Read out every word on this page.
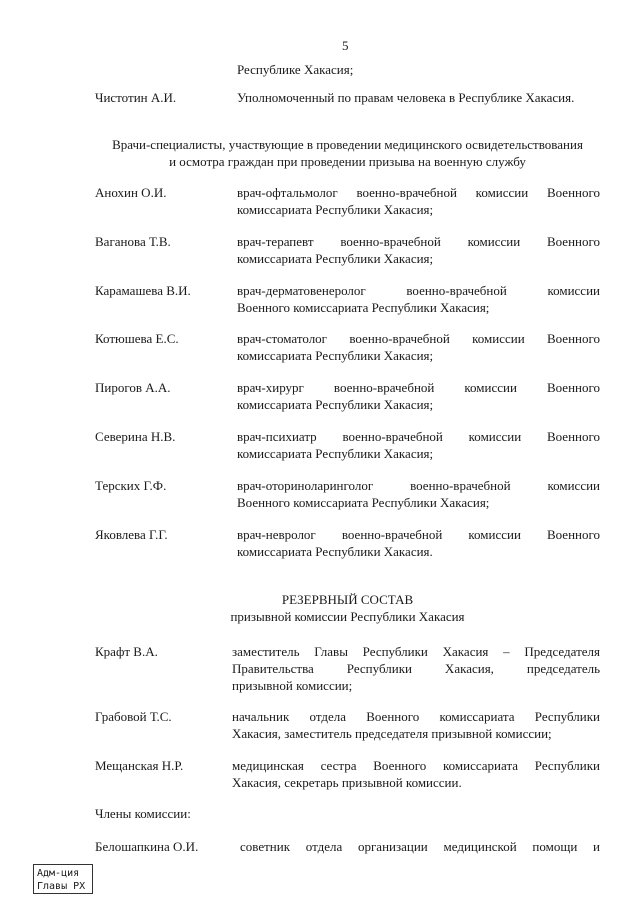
5
Республике Хакасия;
Чистотин А.И.	Уполномоченный по правам человека в Республике Хакасия.
Врачи-специалисты, участвующие в проведении медицинского освидетельствования
и осмотра граждан при проведении призыва на военную службу
Анохин О.И.	врач-офтальмолог военно-врачебной комиссии Военного
комиссариата Республики Хакасия;
Ваганова Т.В.	врач-терапевт военно-врачебной комиссии Военного
комиссариата Республики Хакасия;
Карамашева В.И.	врач-дерматовенеролог военно-врачебной комиссии
Военного комиссариата Республики Хакасия;
Котюшева Е.С.	врач-стоматолог военно-врачебной комиссии Военного
комиссариата Республики Хакасия;
Пирогов А.А.	врач-хирург военно-врачебной комиссии Военного
комиссариата Республики Хакасия;
Северина Н.В.	врач-психиатр военно-врачебной комиссии Военного
комиссариата Республики Хакасия;
Терских Г.Ф.	врач-оториноларинголог военно-врачебной комиссии
Военного комиссариата Республики Хакасия;
Яковлева Г.Г.	врач-невролог военно-врачебной комиссии Военного
комиссариата Республики Хакасия.
РЕЗЕРВНЫЙ СОСТАВ
призывной комиссии Республики Хакасия
Крафт В.А.	заместитель Главы Республики Хакасия – Председателя
Правительства Республики Хакасия, председатель
призывной комиссии;
Грабовой Т.С.	начальник отдела Военного комиссариата Республики
Хакасия, заместитель председателя призывной комиссии;
Мещанская Н.Р.	медицинская сестра Военного комиссариата Республики
Хакасия, секретарь призывной комиссии.
Члены комиссии:
Белошапкина О.И.	советник отдела организации медицинской помощи и
Адм-ция
Главы РХ
